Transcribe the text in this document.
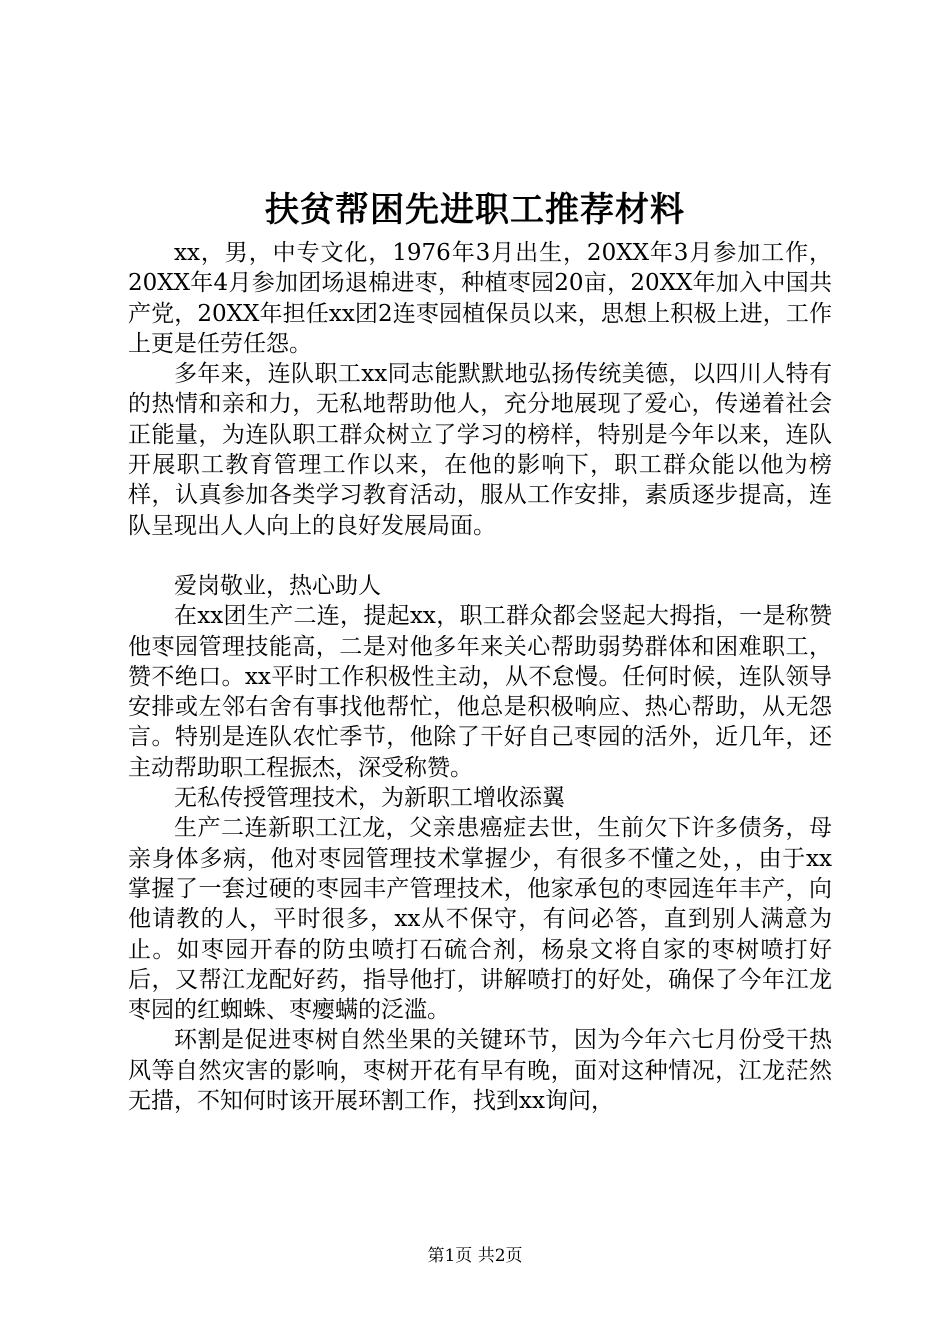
扶贫帮困先进职工推荐材料

xx，男，中专文化，1976年3月出生，20XX年3月参加工作，20XX年4月参加团场退棉进枣，种植枣园20亩，20XX年加入中国共产党，20XX年担任xx团2连枣园植保员以来，思想上积极上进，工作上更是任劳任怨。

多年来，连队职工xx同志能默默地弘扬传统美德，以四川人特有的热情和亲和力，无私地帮助他人，充分地展现了爱心，传递着社会正能量，为连队职工群众树立了学习的榜样，特别是今年以来，连队开展职工教育管理工作以来，在他的影响下，职工群众能以他为榜样，认真参加各类学习教育活动，服从工作安排，素质逐步提高，连队呈现出人人向上的良好发展局面。

爱岗敬业，热心助人

在xx团生产二连，提起xx，职工群众都会竖起大拇指，一是称赞他枣园管理技能高，二是对他多年来关心帮助弱势群体和困难职工，赞不绝口。xx平时工作积极性主动，从不怠慢。任何时候，连队领导安排或左邻右舍有事找他帮忙，他总是积极响应、热心帮助，从无怨言。特别是连队农忙季节，他除了干好自己枣园的活外，近几年，还主动帮助职工程振杰，深受称赞。

无私传授管理技术，为新职工增收添翼

生产二连新职工江龙，父亲患癌症去世，生前欠下许多债务，母亲身体多病，他对枣园管理技术掌握少，有很多不懂之处，，由于xx掌握了一套过硬的枣园丰产管理技术，他家承包的枣园连年丰产，向他请教的人，平时很多，xx从不保守，有问必答，直到别人满意为止。如枣园开春的防虫喷打石硫合剂，杨泉文将自家的枣树喷打好后，又帮江龙配好药，指导他打，讲解喷打的好处，确保了今年江龙枣园的红蜘蛛、枣瘿螨的泛滥。

环割是促进枣树自然坐果的关键环节，因为今年六七月份受干热风等自然灾害的影响，枣树开花有早有晚，面对这种情况，江龙茫然无措，不知何时该开展环割工作，找到xx询问，

第1页 共2页
